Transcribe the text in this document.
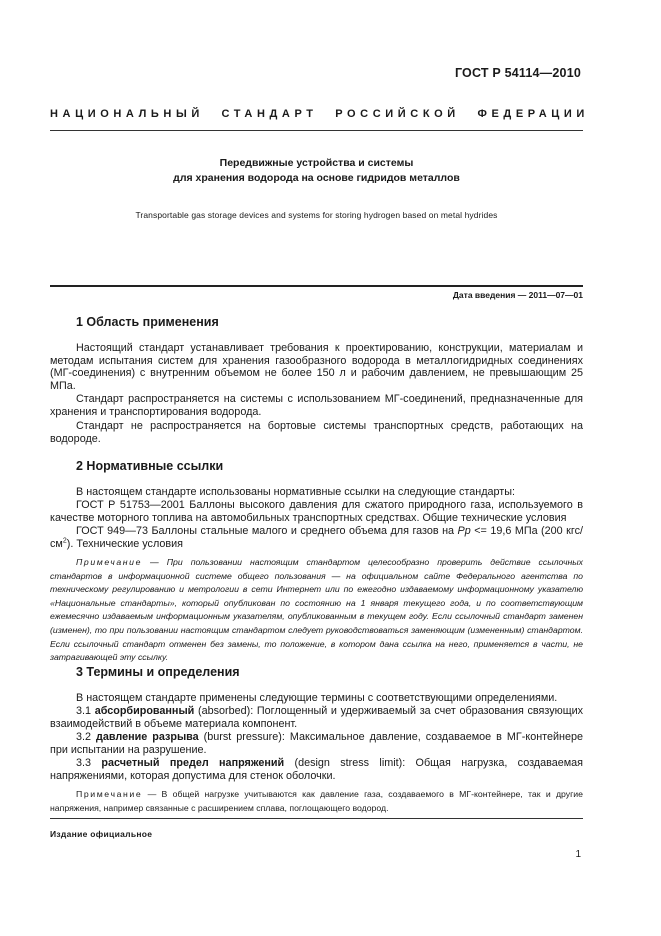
ГОСТ Р 54114—2010
НАЦИОНАЛЬНЫЙ СТАНДАРТ РОССИЙСКОЙ ФЕДЕРАЦИИ
Передвижные устройства и системы
для хранения водорода на основе гидридов металлов
Transportable gas storage devices and systems for storing hydrogen based on metal hydrides
Дата введения — 2011—07—01
1 Область применения
Настоящий стандарт устанавливает требования к проектированию, конструкции, материалам и методам испытания систем для хранения газообразного водорода в металлогидридных соединениях (МГ-соединения) с внутренним объемом не более 150 л и рабочим давлением, не превышающим 25 МПа.
Стандарт распространяется на системы с использованием МГ-соединений, предназначенные для хранения и транспортирования водорода.
Стандарт не распространяется на бортовые системы транспортных средств, работающих на водороде.
2 Нормативные ссылки
В настоящем стандарте использованы нормативные ссылки на следующие стандарты:
ГОСТ Р 51753—2001 Баллоны высокого давления для сжатого природного газа, используемого в качестве моторного топлива на автомобильных транспортных средствах. Общие технические условия
ГОСТ 949—73 Баллоны стальные малого и среднего объема для газов на Pp <= 19,6 МПа (200 кгс/$см^2$). Технические условия
Примечание — При пользовании настоящим стандартом целесообразно проверить действие ссылочных стандартов в информационной системе общего пользования — на официальном сайте Федерального агентства по техническому регулированию и метрологии в сети Интернет или по ежегодно издаваемому информационному указателю «Национальные стандарты», который опубликован по состоянию на 1 января текущего года, и по соответствующим ежемесячно издаваемым информационным указателям, опубликованным в текущем году. Если ссылочный стандарт заменен (изменен), то при пользовании настоящим стандартом следует руководствоваться заменяющим (измененным) стандартом. Если ссылочный стандарт отменен без замены, то положение, в котором дана ссылка на него, применяется в части, не затрагивающей эту ссылку.
3 Термины и определения
В настоящем стандарте применены следующие термины с соответствующими определениями.
3.1 абсорбированный (absorbed): Поглощенный и удерживаемый за счет образования связующих взаимодействий в объеме материала компонент.
3.2 давление разрыва (burst pressure): Максимальное давление, создаваемое в МГ-контейнере при испытании на разрушение.
3.3 расчетный предел напряжений (design stress limit): Общая нагрузка, создаваемая напряжениями, которая допустима для стенок оболочки.
Примечание — В общей нагрузке учитываются как давление газа, создаваемого в МГ-контейнере, так и другие напряжения, например связанные с расширением сплава, поглощающего водород.
Издание официальное
1
